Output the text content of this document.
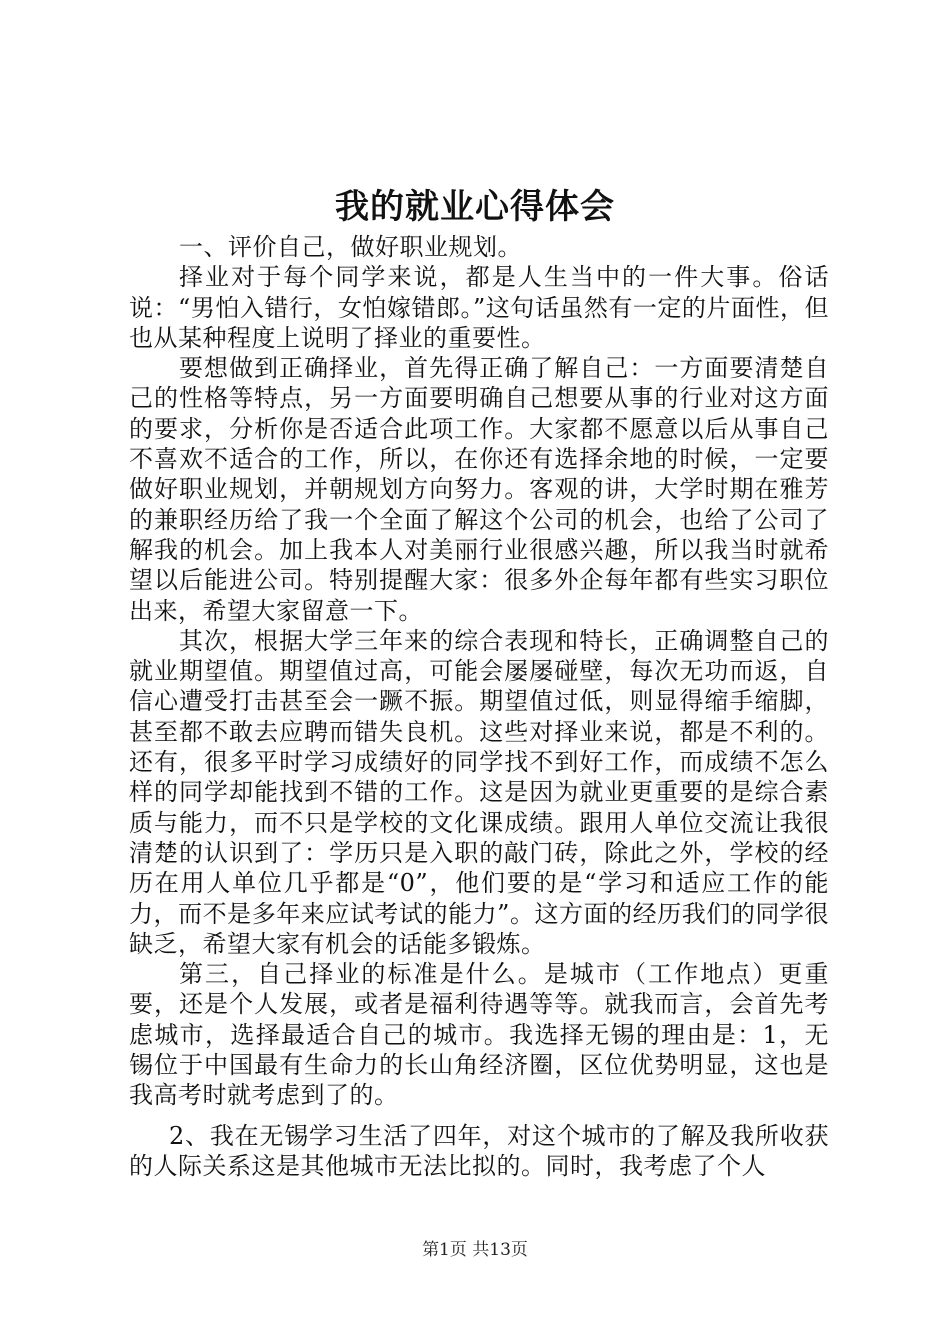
我的就业心得体会

一、评价自己，做好职业规划。

择业对于每个同学来说，都是人生当中的一件大事。俗话说：“男怕入错行，女怕嫁错郎。”这句话虽然有一定的片面性，但也从某种程度上说明了择业的重要性。

要想做到正确择业，首先得正确了解自己：一方面要清楚自己的性格等特点，另一方面要明确自己想要从事的行业对这方面的要求，分析你是否适合此项工作。大家都不愿意以后从事自己不喜欢不适合的工作，所以，在你还有选择余地的时候，一定要做好职业规划，并朝规划方向努力。客观的讲，大学时期在雅芳的兼职经历给了我一个全面了解这个公司的机会，也给了公司了解我的机会。加上我本人对美丽行业很感兴趣，所以我当时就希望以后能进公司。特别提醒大家：很多外企每年都有些实习职位出来，希望大家留意一下。

其次，根据大学三年来的综合表现和特长，正确调整自己的就业期望值。期望值过高，可能会屡屡碰壁，每次无功而返，自信心遭受打击甚至会一蹶不振。期望值过低，则显得缩手缩脚，甚至都不敢去应聘而错失良机。这些对择业来说，都是不利的。还有，很多平时学习成绩好的同学找不到好工作，而成绩不怎么样的同学却能找到不错的工作。这是因为就业更重要的是综合素质与能力，而不只是学校的文化课成绩。跟用人单位交流让我很清楚的认识到了：学历只是入职的敲门砖，除此之外，学校的经历在用人单位几乎都是“0”，他们要的是“学习和适应工作的能力，而不是多年来应试考试的能力”。这方面的经历我们的同学很缺乏，希望大家有机会的话能多锻炼。

第三，自己择业的标准是什么。是城市（工作地点）更重要，还是个人发展，或者是福利待遇等等。就我而言，会首先考虑城市，选择最适合自己的城市。我选择无锡的理由是：1，无锡位于中国最有生命力的长山角经济圈，区位优势明显，这也是我高考时就考虑到了的。

2、我在无锡学习生活了四年，对这个城市的了解及我所收获的人际关系这是其他城市无法比拟的。同时，我考虑了个人

第1页 共13页
